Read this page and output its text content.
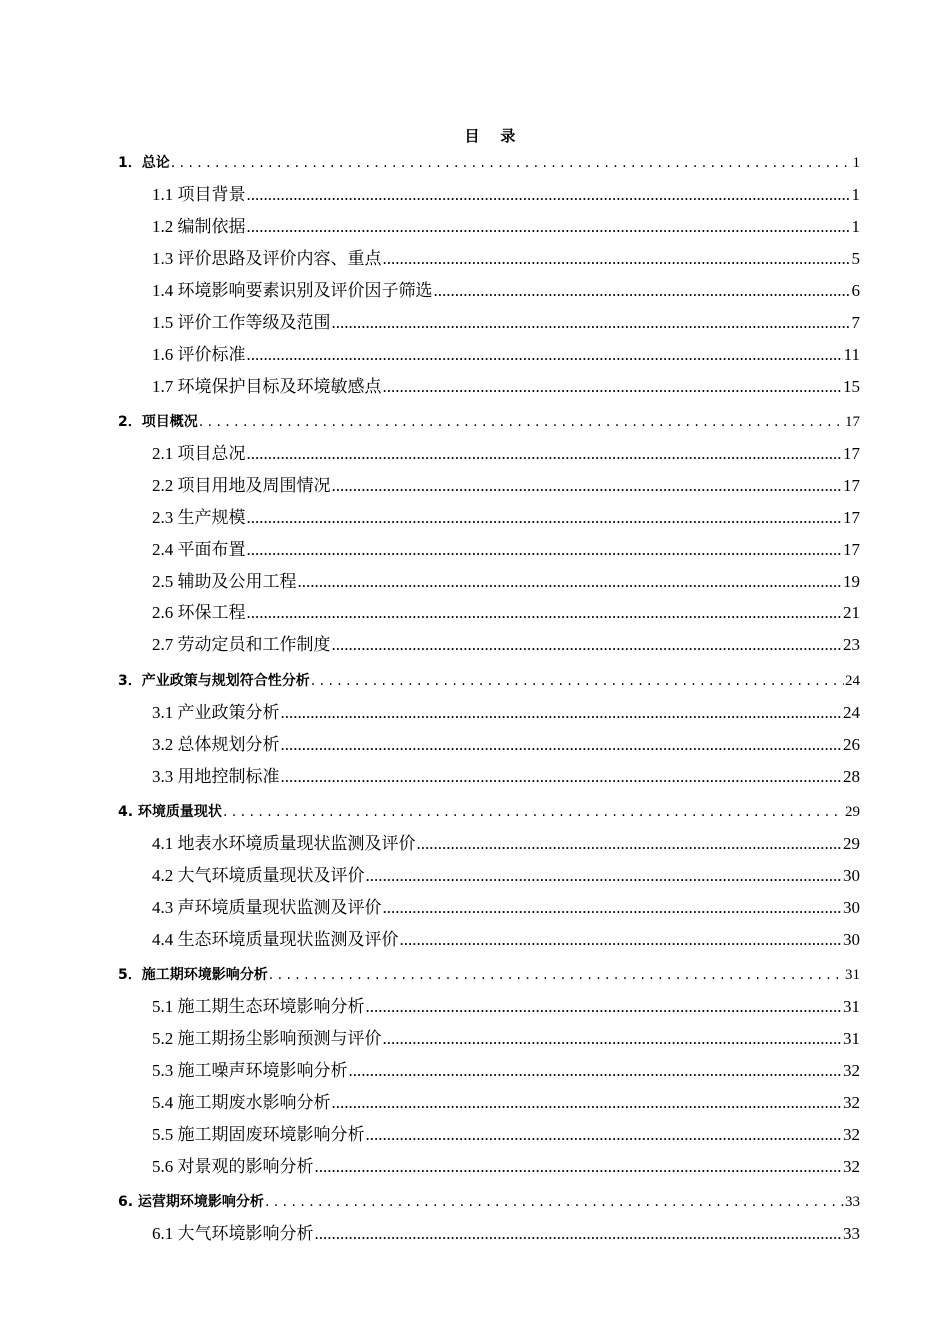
目    录
1．总论 .....	1
1.1 项目背景 .....	1
1.2 编制依据 .....	1
1.3 评价思路及评价内容、重点 .....	5
1.4 环境影响要素识别及评价因子筛选 .....	6
1.5 评价工作等级及范围 .....	7
1.6 评价标准 .....	11
1.7 环境保护目标及环境敏感点 .....	15
2．项目概况 .....	17
2.1 项目总况 .....	17
2.2 项目用地及周围情况 .....	17
2.3 生产规模 .....	17
2.4 平面布置 .....	17
2.5 辅助及公用工程 .....	19
2.6 环保工程 .....	21
2.7 劳动定员和工作制度 .....	23
3．产业政策与规划符合性分析 .....	24
3.1 产业政策分析 .....	24
3.2 总体规划分析 .....	26
3.3 用地控制标准 .....	28
4. 环境质量现状 .....	29
4.1 地表水环境质量现状监测及评价 .....	29
4.2 大气环境质量现状及评价 .....	30
4.3 声环境质量现状监测及评价 .....	30
4.4 生态环境质量现状监测及评价 .....	30
5．施工期环境影响分析 .....	31
5.1 施工期生态环境影响分析 .....	31
5.2 施工期扬尘影响预测与评价 .....	31
5.3 施工噪声环境影响分析 .....	32
5.4 施工期废水影响分析 .....	32
5.5 施工期固废环境影响分析 .....	32
5.6 对景观的影响分析 .....	32
6. 运营期环境影响分析 .....	33
6.1 大气环境影响分析 .....	33
